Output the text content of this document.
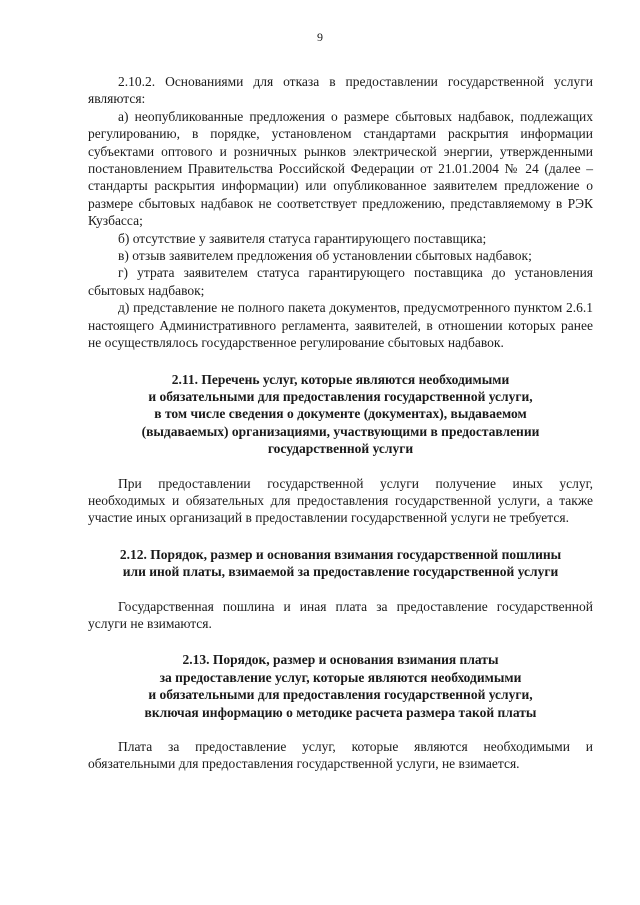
9

2.10.2. Основаниями для отказа в предоставлении государственной услуги являются:

а) неопубликованные предложения о размере сбытовых надбавок, подлежащих регулированию, в порядке, установленом стандартами раскрытия информации субъектами оптового и розничных рынков электрической энергии, утвержденными постановлением Правительства Российской Федерации от 21.01.2004 № 24 (далее – стандарты раскрытия информации) или опубликованное заявителем предложение о размере сбытовых надбавок не соответствует предложению, представляемому в РЭК Кузбасса;

б) отсутствие у заявителя статуса гарантирующего поставщика;

в) отзыв заявителем предложения об установлении сбытовых надбавок;

г) утрата заявителем статуса гарантирующего поставщика до установления сбытовых надбавок;

д) представление не полного пакета документов, предусмотренного пунктом 2.6.1 настоящего Административного регламента, заявителей, в отношении которых ранее не осуществлялось государственное регулирование сбытовых надбавок.

2.11. Перечень услуг, которые являются необходимыми
и обязательными для предоставления государственной услуги,
в том числе сведения о документе (документах), выдаваемом
(выдаваемых) организациями, участвующими в предоставлении
государственной услуги

При предоставлении государственной услуги получение иных услуг, необходимых и обязательных для предоставления государственной услуги, а также участие иных организаций в предоставлении государственной услуги не требуется.

2.12. Порядок, размер и основания взимания государственной пошлины
или иной платы, взимаемой за предоставление государственной услуги

Государственная пошлина и иная плата за предоставление государственной услуги не взимаются.

2.13. Порядок, размер и основания взимания платы
за предоставление услуг, которые являются необходимыми
и обязательными для предоставления государственной услуги,
включая информацию о методике расчета размера такой платы

Плата за предоставление услуг, которые являются необходимыми и обязательными для предоставления государственной услуги, не взимается.
